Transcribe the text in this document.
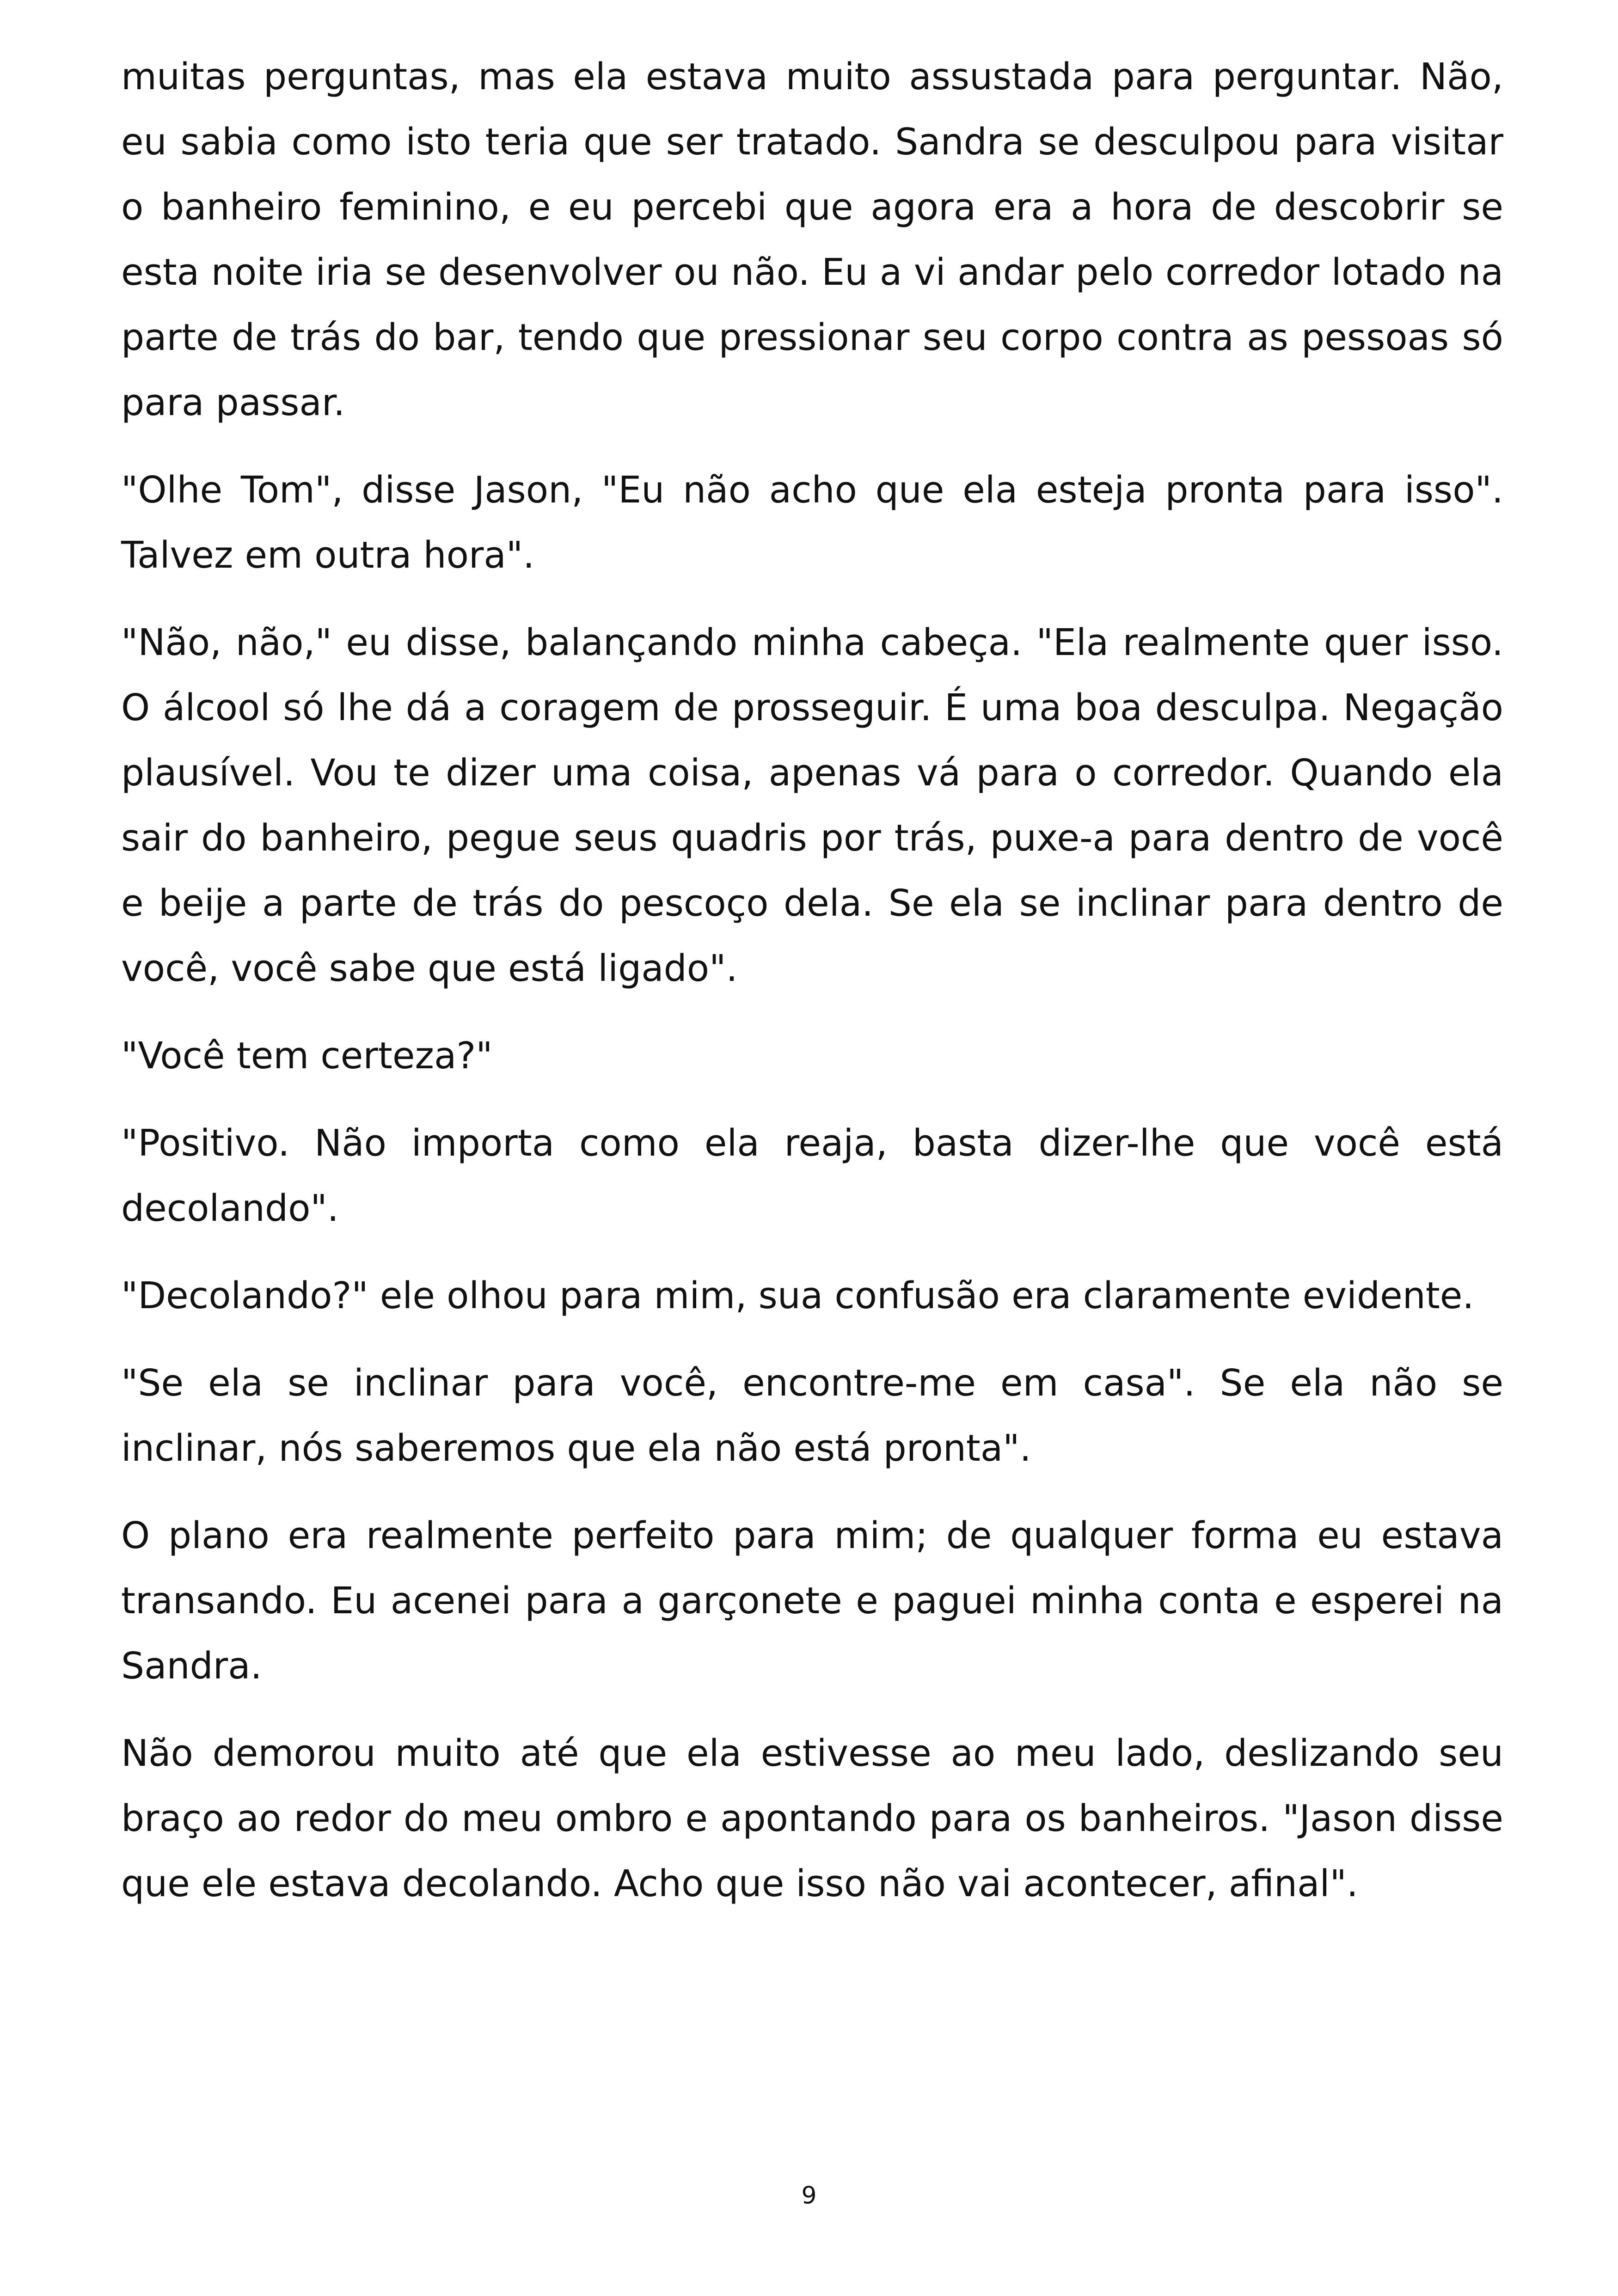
muitas perguntas, mas ela estava muito assustada para perguntar. Não, eu sabia como isto teria que ser tratado. Sandra se desculpou para visitar o banheiro feminino, e eu percebi que agora era a hora de descobrir se esta noite iria se desenvolver ou não. Eu a vi andar pelo corredor lotado na parte de trás do bar, tendo que pressionar seu corpo contra as pessoas só para passar.

"Olhe Tom", disse Jason, "Eu não acho que ela esteja pronta para isso". Talvez em outra hora".

"Não, não," eu disse, balançando minha cabeça. "Ela realmente quer isso. O álcool só lhe dá a coragem de prosseguir. É uma boa desculpa. Negação plausível. Vou te dizer uma coisa, apenas vá para o corredor. Quando ela sair do banheiro, pegue seus quadris por trás, puxe-a para dentro de você e beije a parte de trás do pescoço dela. Se ela se inclinar para dentro de você, você sabe que está ligado".

"Você tem certeza?"

"Positivo. Não importa como ela reaja, basta dizer-lhe que você está decolando".

"Decolando?" ele olhou para mim, sua confusão era claramente evidente.

"Se ela se inclinar para você, encontre-me em casa". Se ela não se inclinar, nós saberemos que ela não está pronta".

O plano era realmente perfeito para mim; de qualquer forma eu estava transando. Eu acenei para a garçonete e paguei minha conta e esperei na Sandra.

Não demorou muito até que ela estivesse ao meu lado, deslizando seu braço ao redor do meu ombro e apontando para os banheiros. "Jason disse que ele estava decolando. Acho que isso não vai acontecer, afinal".

9
